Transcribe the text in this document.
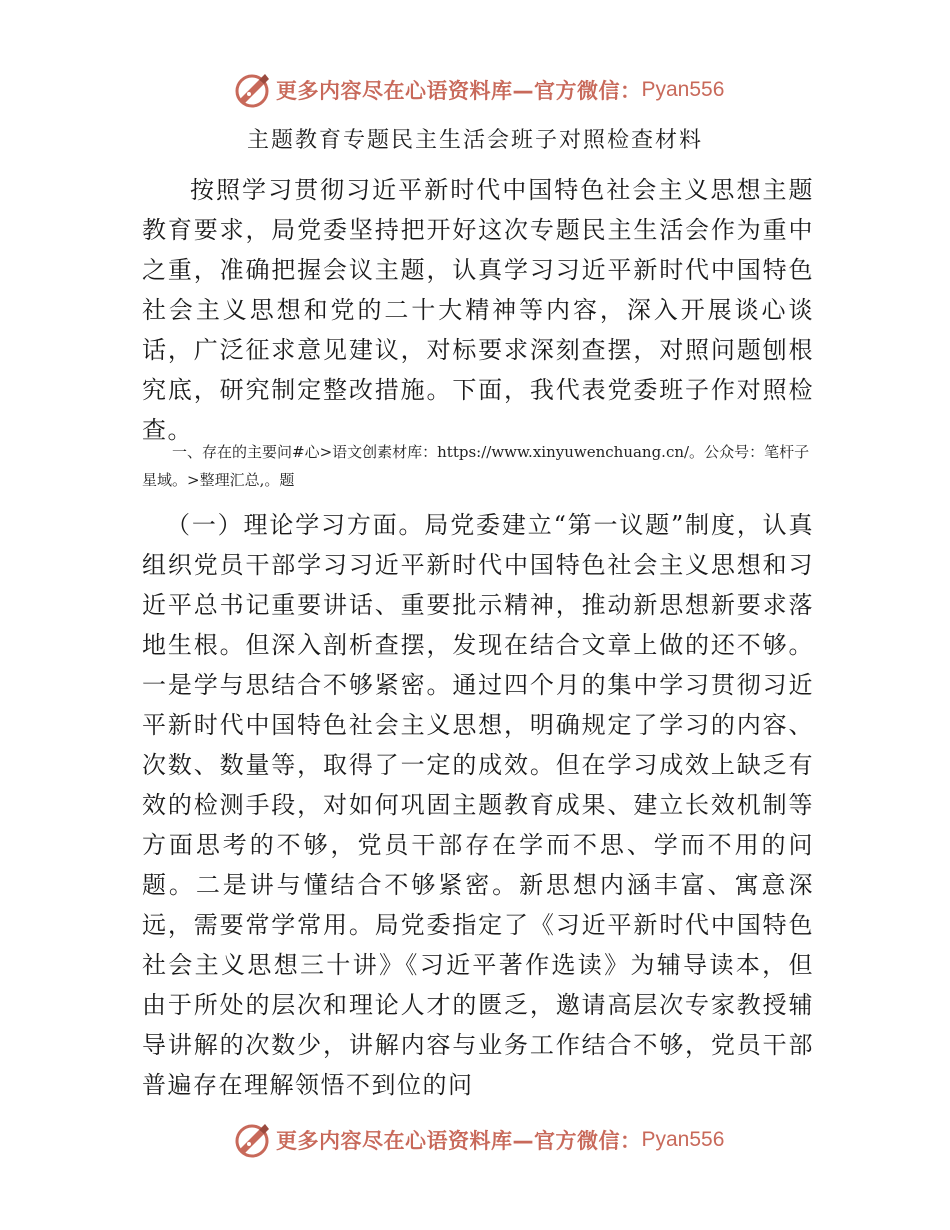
更多内容尽在心语资料库—官方微信： Pyan556
主题教育专题民主生活会班子对照检查材料

按照学习贯彻习近平新时代中国特色社会主义思想主题教育要求，局党委坚持把开好这次专题民主生活会作为重中之重，准确把握会议主题，认真学习习近平新时代中国特色社会主义思想和党的二十大精神等内容，深入开展谈心谈话，广泛征求意见建议，对标要求深刻查摆，对照问题刨根究底，研究制定整改措施。下面，我代表党委班子作对照检查。

一、存在的主要问#心>语文创素材库：https://www.xinyuwenchuang.cn/。公众号：笔杆子星域。>整理汇总,。题

（一）理论学习方面。局党委建立“第一议题”制度，认真组织党员干部学习习近平新时代中国特色社会主义思想和习近平总书记重要讲话、重要批示精神，推动新思想新要求落地生根。但深入剖析查摆，发现在结合文章上做的还不够。一是学与思结合不够紧密。通过四个月的集中学习贯彻习近平新时代中国特色社会主义思想，明确规定了学习的内容、次数、数量等，取得了一定的成效。但在学习成效上缺乏有效的检测手段，对如何巩固主题教育成果、建立长效机制等方面思考的不够，党员干部存在学而不思、学而不用的问题。二是讲与懂结合不够紧密。新思想内涵丰富、寓意深远，需要常学常用。局党委指定了《习近平新时代中国特色社会主义思想三十讲》《习近平著作选读》为辅导读本，但由于所处的层次和理论人才的匮乏，邀请高层次专家教授辅导讲解的次数少，讲解内容与业务工作结合不够，党员干部普遍存在理解领悟不到位的问

更多内容尽在心语资料库—官方微信： Pyan556
